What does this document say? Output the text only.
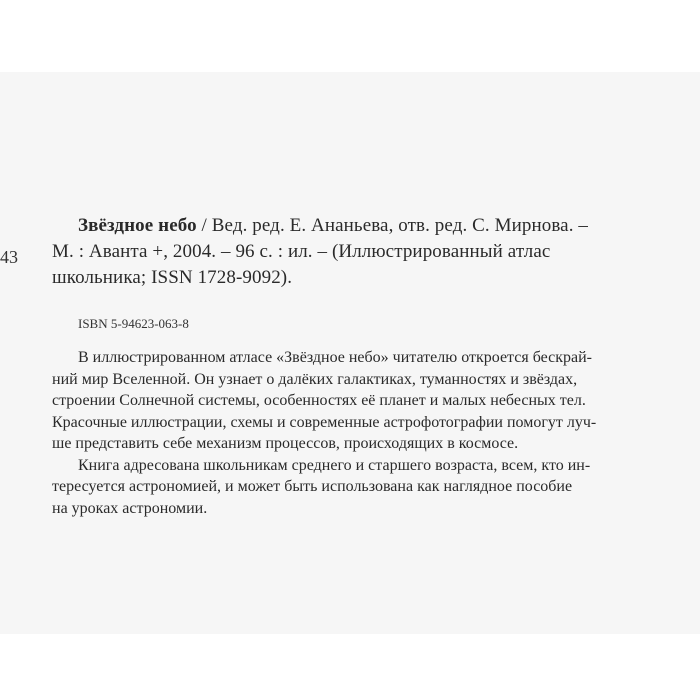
43
Звёздное небо / Вед. ред. Е. Ананьева, отв. ред. С. Мирнова. –
М. : Аванта +, 2004. – 96 с. : ил. – (Иллюстрированный атлас
школьника; ISSN 1728-9092).
ISBN 5-94623-063-8
В иллюстрированном атласе «Звёздное небо» читателю откроется бескрай-
ний мир Вселенной. Он узнает о далёких галактиках, туманностях и звёздах,
строении Солнечной системы, особенностях её планет и малых небесных тел.
Красочные иллюстрации, схемы и современные астрофотографии помогут луч-
ше представить себе механизм процессов, происходящих в космосе.
Книга адресована школьникам среднего и старшего возраста, всем, кто ин-
тересуется астрономией, и может быть использована как наглядное пособие
на уроках астрономии.
